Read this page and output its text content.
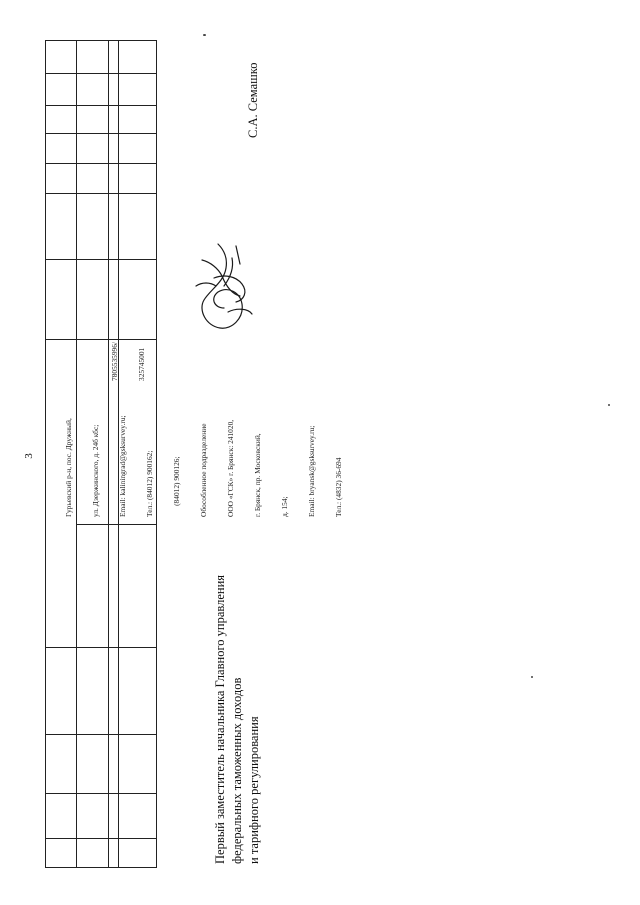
3

	Гурьевский р-н, пос. Дружный,

ул. Дзержинского, д. 24б кбс;

Email: kaliningrad@gsksurvey.ru;

Тел.: (84012) 900162;

(84012) 900126;

Обособленное подразделение

ООО «ГСК» г. Брянск: 241020,

г. Брянск, пр. Московский,

д. 154;

Email: bryansk@gsksurvey.ru;

Тел.: (4832) 36-694

7805535996/

325745001

Первый заместитель начальника Главного управления федеральных таможенных доходов и тарифного регулирования
С.А. Семашко
